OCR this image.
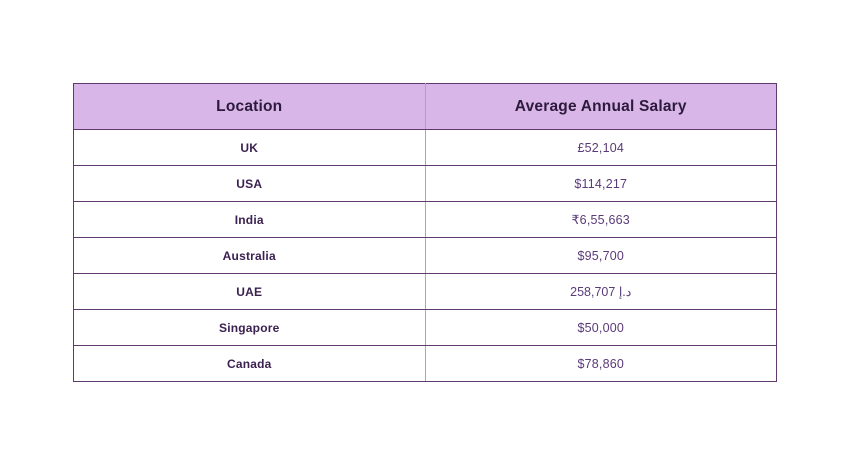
Location	Average Annual Salary
UK	£52,104
USA	$114,217
India	₹6,55,663
Australia	$95,700
UAE	258,707 د.إ
Singapore	$50,000
Canada	$78,860
